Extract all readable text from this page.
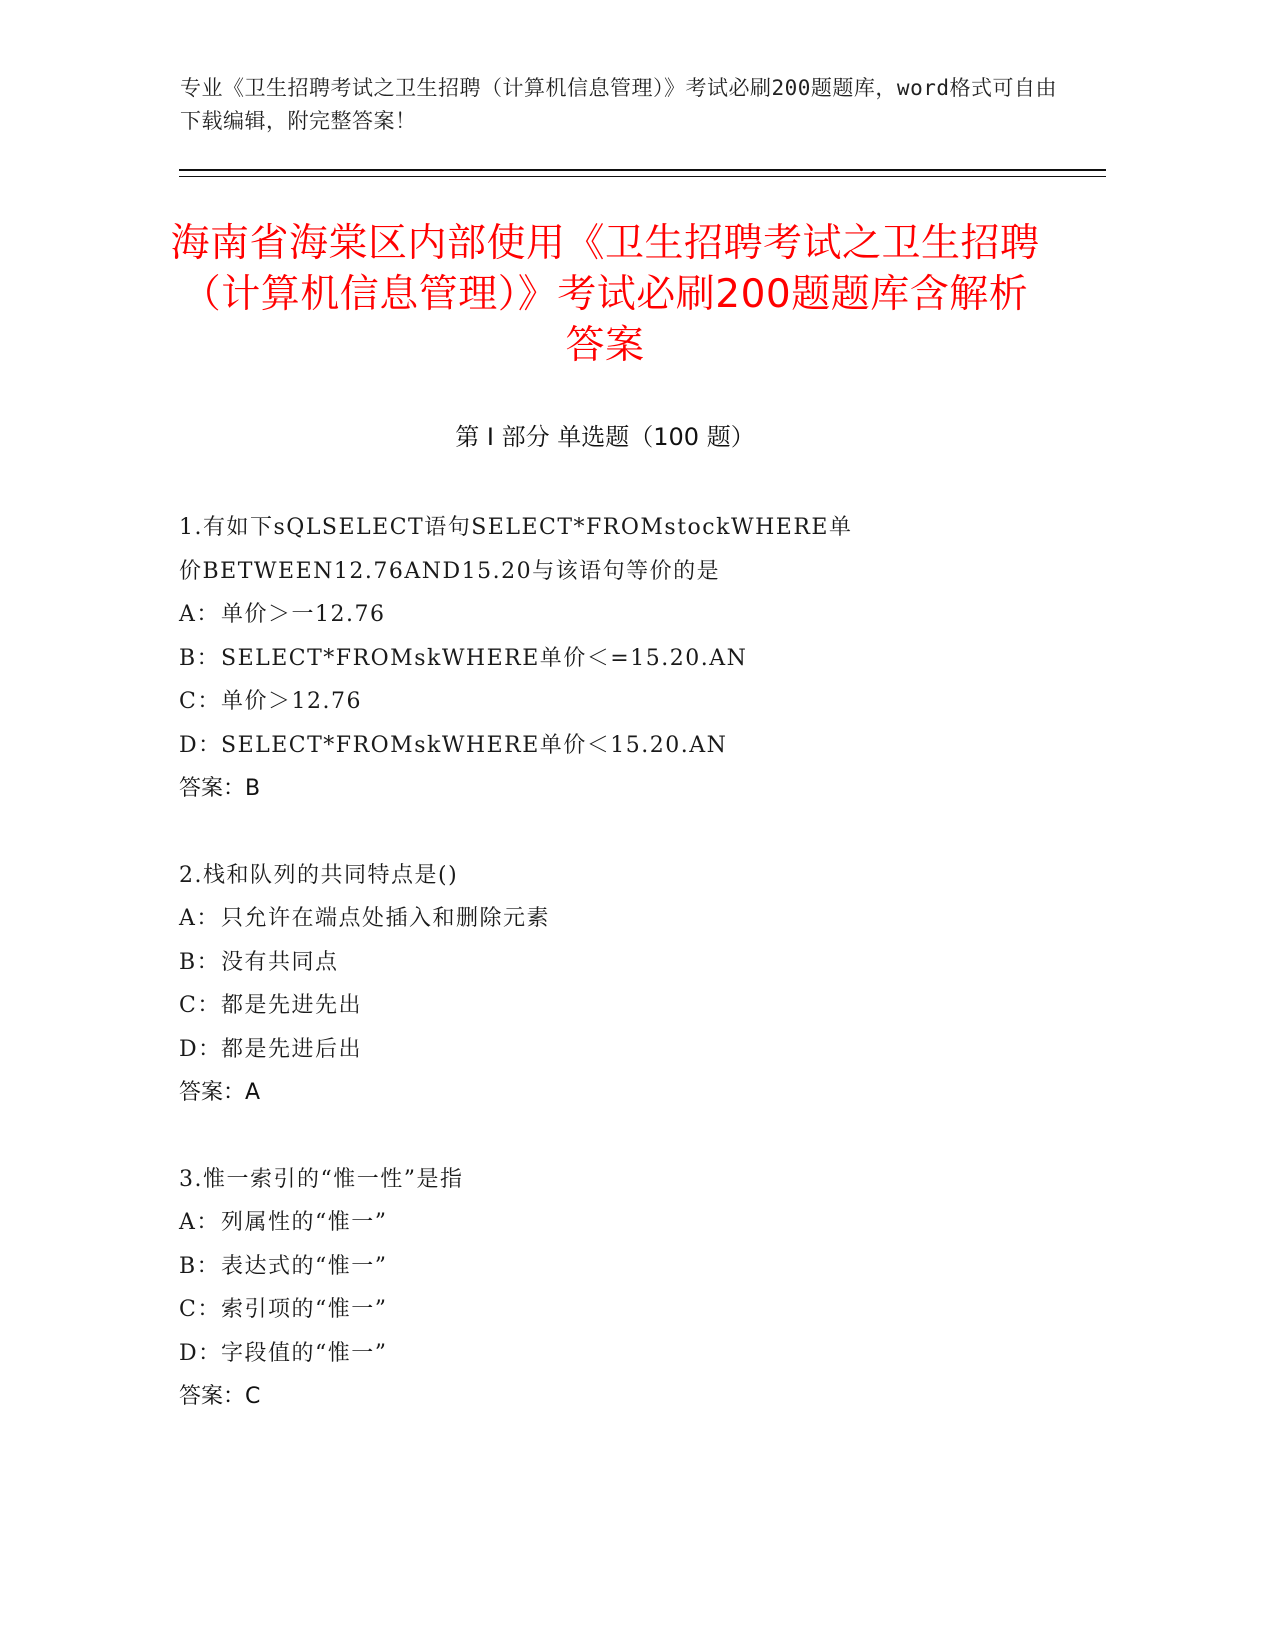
专业《卫生招聘考试之卫生招聘（计算机信息管理）》考试必刷200题题库，word格式可自由下载编辑，附完整答案！
海南省海棠区内部使用《卫生招聘考试之卫生招聘（计算机信息管理）》考试必刷200题题库含解析答案
第 I 部分 单选题（100 题）
1.有如下sQLSELECT语句SELECT*FROMstockWHERE单价BETWEEN12.76AND15.20与该语句等价的是
A：单价＞一12.76
B：SELECT*FROMskWHERE单价＜=15.20.AN
C：单价＞12.76
D：SELECT*FROMskWHERE单价＜15.20.AN
答案：B
2.栈和队列的共同特点是()
A：只允许在端点处插入和删除元素
B：没有共同点
C：都是先进先出
D：都是先进后出
答案：A
3.惟一索引的“惟一性”是指
A：列属性的“惟一”
B：表达式的“惟一”
C：索引项的“惟一”
D：字段值的“惟一”
答案：C
